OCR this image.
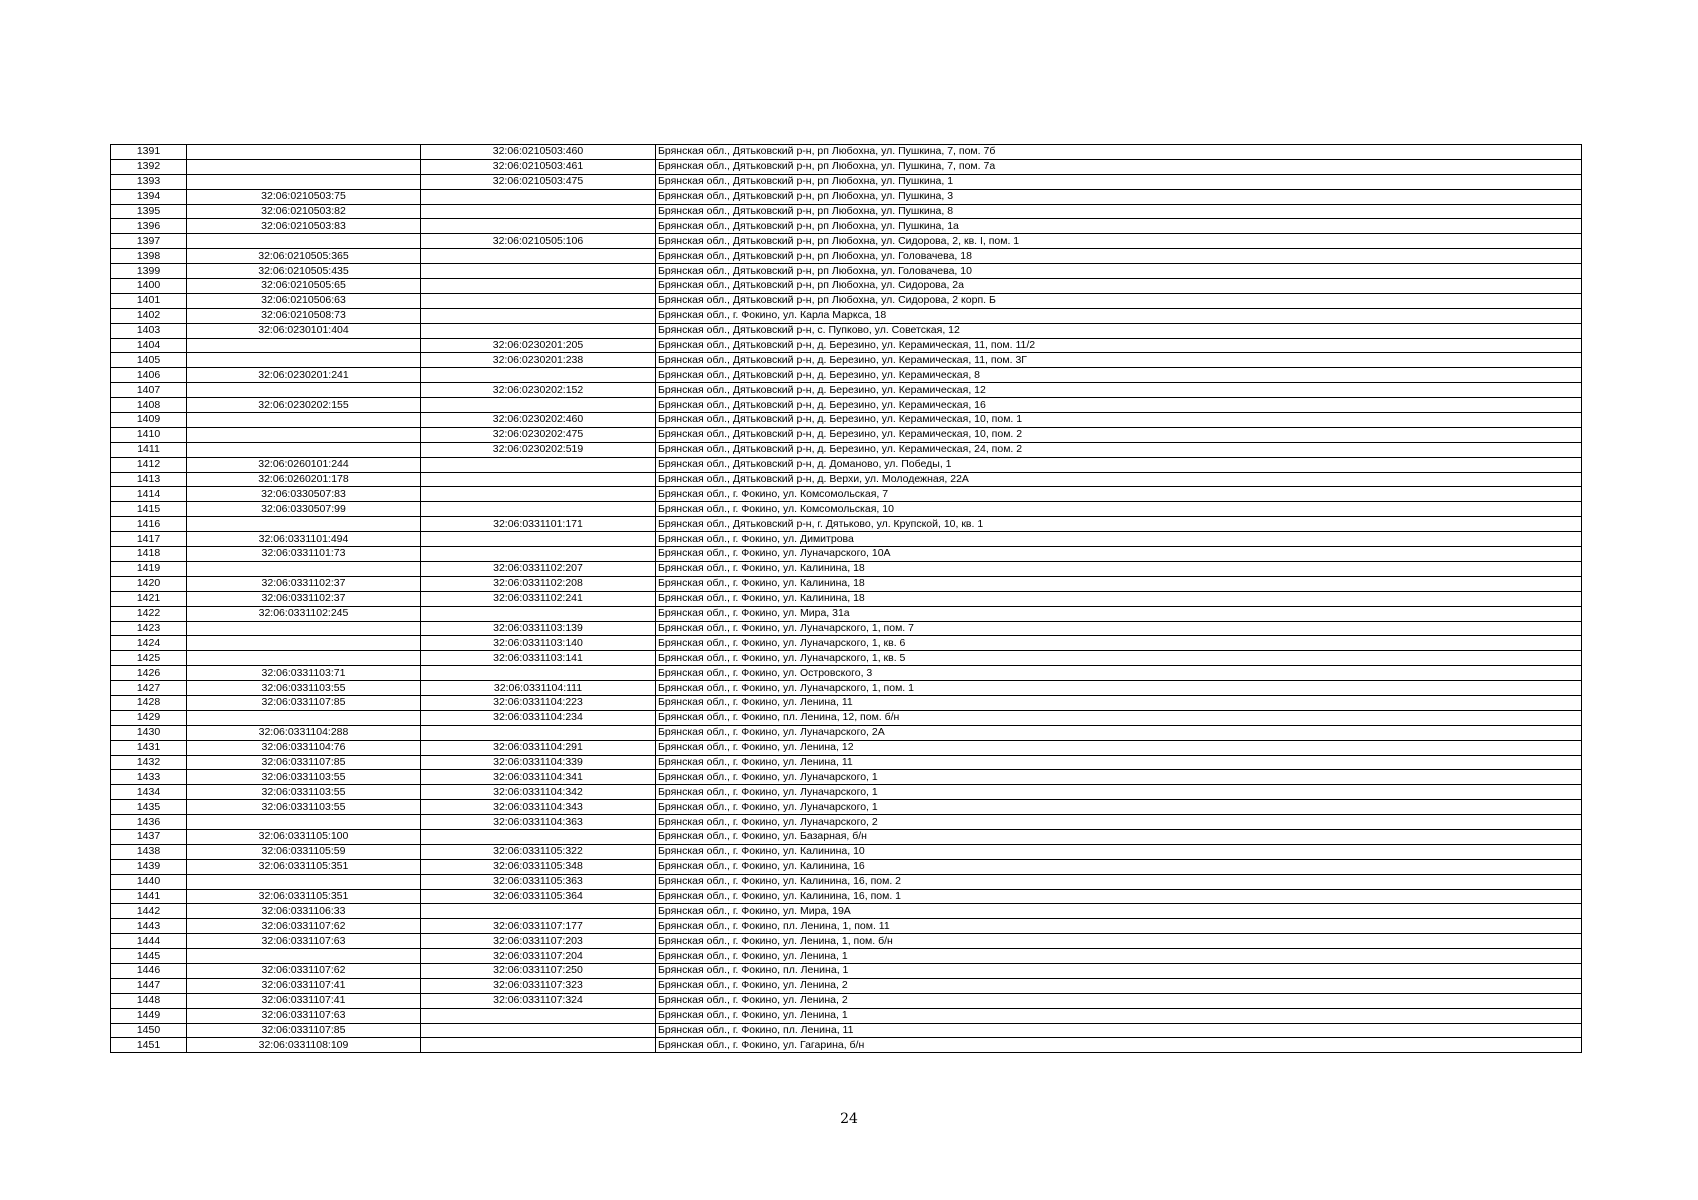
1391		32:06:0210503:460	Брянская обл., Дятьковский р-н, рп Любохна, ул. Пушкина, 7, пом. 7б
1392		32:06:0210503:461	Брянская обл., Дятьковский р-н, рп Любохна, ул. Пушкина, 7, пом. 7а
1393		32:06:0210503:475	Брянская обл., Дятьковский р-н, рп Любохна, ул. Пушкина, 1
1394	32:06:0210503:75		Брянская обл., Дятьковский р-н, рп Любохна, ул. Пушкина, 3
1395	32:06:0210503:82		Брянская обл., Дятьковский р-н, рп Любохна, ул. Пушкина, 8
1396	32:06:0210503:83		Брянская обл., Дятьковский р-н, рп Любохна, ул. Пушкина, 1а
1397		32:06:0210505:106	Брянская обл., Дятьковский р-н, рп Любохна, ул. Сидорова, 2, кв. I, пом. 1
1398	32:06:0210505:365		Брянская обл., Дятьковский р-н, рп Любохна, ул. Головачева, 18
1399	32:06:0210505:435		Брянская обл., Дятьковский р-н, рп Любохна, ул. Головачева, 10
1400	32:06:0210505:65		Брянская обл., Дятьковский р-н, рп Любохна, ул. Сидорова, 2а
1401	32:06:0210506:63		Брянская обл., Дятьковский р-н, рп Любохна, ул. Сидорова, 2 корп. Б
1402	32:06:0210508:73		Брянская обл., г. Фокино, ул. Карла Маркса, 18
1403	32:06:0230101:404		Брянская обл., Дятьковский р-н, с. Пупково, ул. Советская, 12
1404		32:06:0230201:205	Брянская обл., Дятьковский р-н, д. Березино, ул. Керамическая, 11, пом. 11/2
1405		32:06:0230201:238	Брянская обл., Дятьковский р-н, д. Березино, ул. Керамическая, 11, пом. 3Г
1406	32:06:0230201:241		Брянская обл., Дятьковский р-н, д. Березино, ул. Керамическая, 8
1407		32:06:0230202:152	Брянская обл., Дятьковский р-н, д. Березино, ул. Керамическая, 12
1408	32:06:0230202:155		Брянская обл., Дятьковский р-н, д. Березино, ул. Керамическая, 16
1409		32:06:0230202:460	Брянская обл., Дятьковский р-н, д. Березино, ул. Керамическая, 10, пом. 1
1410		32:06:0230202:475	Брянская обл., Дятьковский р-н, д. Березино, ул. Керамическая, 10, пом. 2
1411		32:06:0230202:519	Брянская обл., Дятьковский р-н, д. Березино, ул. Керамическая, 24, пом. 2
1412	32:06:0260101:244		Брянская обл., Дятьковский р-н, д. Доманово, ул. Победы, 1
1413	32:06:0260201:178		Брянская обл., Дятьковский р-н, д. Верхи, ул. Молодежная, 22А
1414	32:06:0330507:83		Брянская обл., г. Фокино, ул. Комсомольская, 7
1415	32:06:0330507:99		Брянская обл., г. Фокино, ул. Комсомольская, 10
1416		32:06:0331101:171	Брянская обл., Дятьковский р-н, г. Дятьково, ул. Крупской, 10, кв. 1
1417	32:06:0331101:494		Брянская обл., г. Фокино, ул. Димитрова
1418	32:06:0331101:73		Брянская обл., г. Фокино, ул. Луначарского, 10А
1419		32:06:0331102:207	Брянская обл., г. Фокино, ул. Калинина, 18
1420	32:06:0331102:37	32:06:0331102:208	Брянская обл., г. Фокино, ул. Калинина, 18
1421	32:06:0331102:37	32:06:0331102:241	Брянская обл., г. Фокино, ул. Калинина, 18
1422	32:06:0331102:245		Брянская обл., г. Фокино, ул. Мира, 31а
1423		32:06:0331103:139	Брянская обл., г. Фокино, ул. Луначарского, 1, пом. 7
1424		32:06:0331103:140	Брянская обл., г. Фокино, ул. Луначарского, 1, кв. 6
1425		32:06:0331103:141	Брянская обл., г. Фокино, ул. Луначарского, 1, кв. 5
1426	32:06:0331103:71		Брянская обл., г. Фокино, ул. Островского, 3
1427	32:06:0331103:55	32:06:0331104:111	Брянская обл., г. Фокино, ул. Луначарского, 1, пом. 1
1428	32:06:0331107:85	32:06:0331104:223	Брянская обл., г. Фокино, ул. Ленина, 11
1429		32:06:0331104:234	Брянская обл., г. Фокино, пл. Ленина, 12, пом. б/н
1430	32:06:0331104:288		Брянская обл., г. Фокино, ул. Луначарского, 2А
1431	32:06:0331104:76	32:06:0331104:291	Брянская обл., г. Фокино, ул. Ленина, 12
1432	32:06:0331107:85	32:06:0331104:339	Брянская обл., г. Фокино, ул. Ленина, 11
1433	32:06:0331103:55	32:06:0331104:341	Брянская обл., г. Фокино, ул. Луначарского, 1
1434	32:06:0331103:55	32:06:0331104:342	Брянская обл., г. Фокино, ул. Луначарского, 1
1435	32:06:0331103:55	32:06:0331104:343	Брянская обл., г. Фокино, ул. Луначарского, 1
1436		32:06:0331104:363	Брянская обл., г. Фокино, ул. Луначарского, 2
1437	32:06:0331105:100		Брянская обл., г. Фокино, ул. Базарная, б/н
1438	32:06:0331105:59	32:06:0331105:322	Брянская обл., г. Фокино, ул. Калинина, 10
1439	32:06:0331105:351	32:06:0331105:348	Брянская обл., г. Фокино, ул. Калинина, 16
1440		32:06:0331105:363	Брянская обл., г. Фокино, ул. Калинина, 16, пом. 2
1441	32:06:0331105:351	32:06:0331105:364	Брянская обл., г. Фокино, ул. Калинина, 16, пом. 1
1442	32:06:0331106:33		Брянская обл., г. Фокино, ул. Мира, 19А
1443	32:06:0331107:62	32:06:0331107:177	Брянская обл., г. Фокино, пл. Ленина, 1, пом. 11
1444	32:06:0331107:63	32:06:0331107:203	Брянская обл., г. Фокино, ул. Ленина, 1, пом. б/н
1445		32:06:0331107:204	Брянская обл., г. Фокино, ул. Ленина, 1
1446	32:06:0331107:62	32:06:0331107:250	Брянская обл., г. Фокино, пл. Ленина, 1
1447	32:06:0331107:41	32:06:0331107:323	Брянская обл., г. Фокино, ул. Ленина, 2
1448	32:06:0331107:41	32:06:0331107:324	Брянская обл., г. Фокино, ул. Ленина, 2
1449	32:06:0331107:63		Брянская обл., г. Фокино, ул. Ленина, 1
1450	32:06:0331107:85		Брянская обл., г. Фокино, пл. Ленина, 11
1451	32:06:0331108:109		Брянская обл., г. Фокино, ул. Гагарина, б/н
24
